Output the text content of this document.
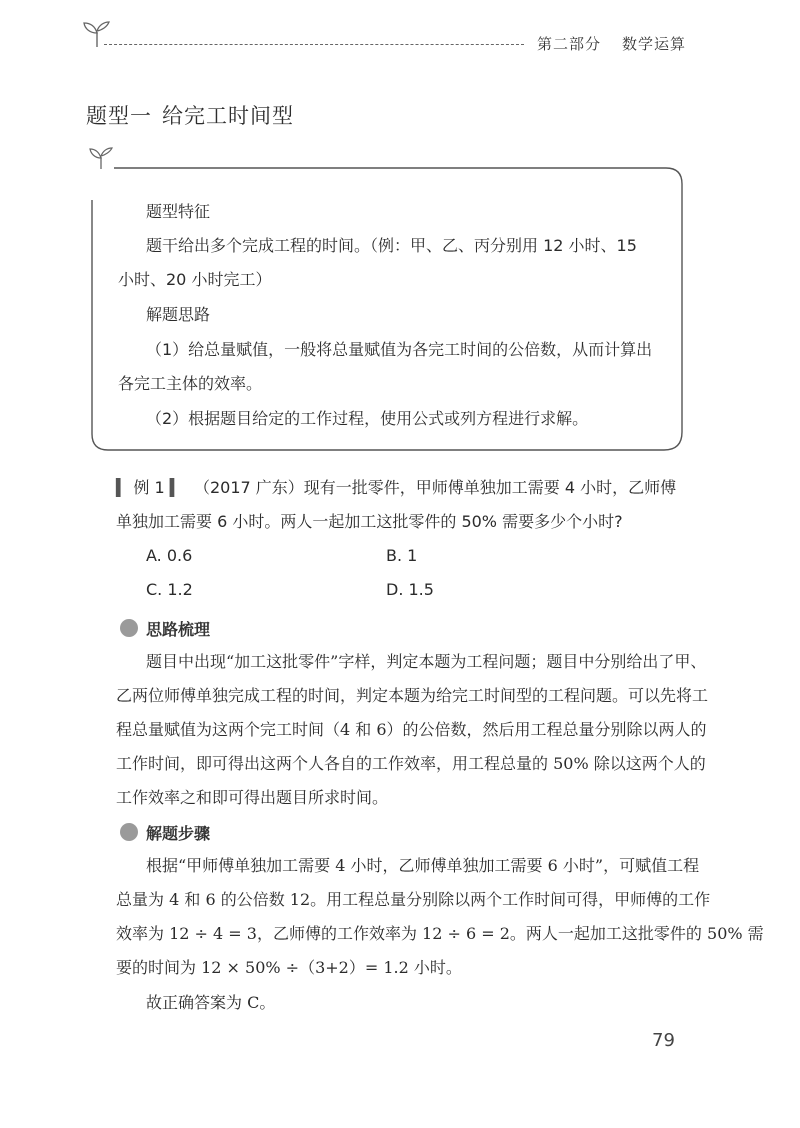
第二部分 数学运算
题型一 给完工时间型
题型特征
题干给出多个完成工程的时间。（例：甲、乙、丙分别用 12 小时、15
小时、20 小时完工）
解题思路
（1）给总量赋值，一般将总量赋值为各完工时间的公倍数，从而计算出
各完工主体的效率。
（2）根据题目给定的工作过程，使用公式或列方程进行求解。
▍ 例 1 ▍ （2017 广东）现有一批零件，甲师傅单独加工需要 4 小时，乙师傅
单独加工需要 6 小时。两人一起加工这批零件的 50% 需要多少个小时?
A. 0.6	B. 1
C. 1.2	D. 1.5
思路梳理
题目中出现“加工这批零件”字样，判定本题为工程问题；题目中分别给出了甲、
乙两位师傅单独完成工程的时间，判定本题为给完工时间型的工程问题。可以先将工
程总量赋值为这两个完工时间（4 和 6）的公倍数，然后用工程总量分别除以两人的
工作时间，即可得出这两个人各自的工作效率，用工程总量的 50% 除以这两个人的
工作效率之和即可得出题目所求时间。
解题步骤
根据“甲师傅单独加工需要 4 小时，乙师傅单独加工需要 6 小时”，可赋值工程
总量为 4 和 6 的公倍数 12。用工程总量分别除以两个工作时间可得，甲师傅的工作
效率为 12 ÷ 4 = 3，乙师傅的工作效率为 12 ÷ 6 = 2。两人一起加工这批零件的 50% 需
要的时间为 12 × 50% ÷（3+2）= 1.2 小时。
故正确答案为 C。
79
